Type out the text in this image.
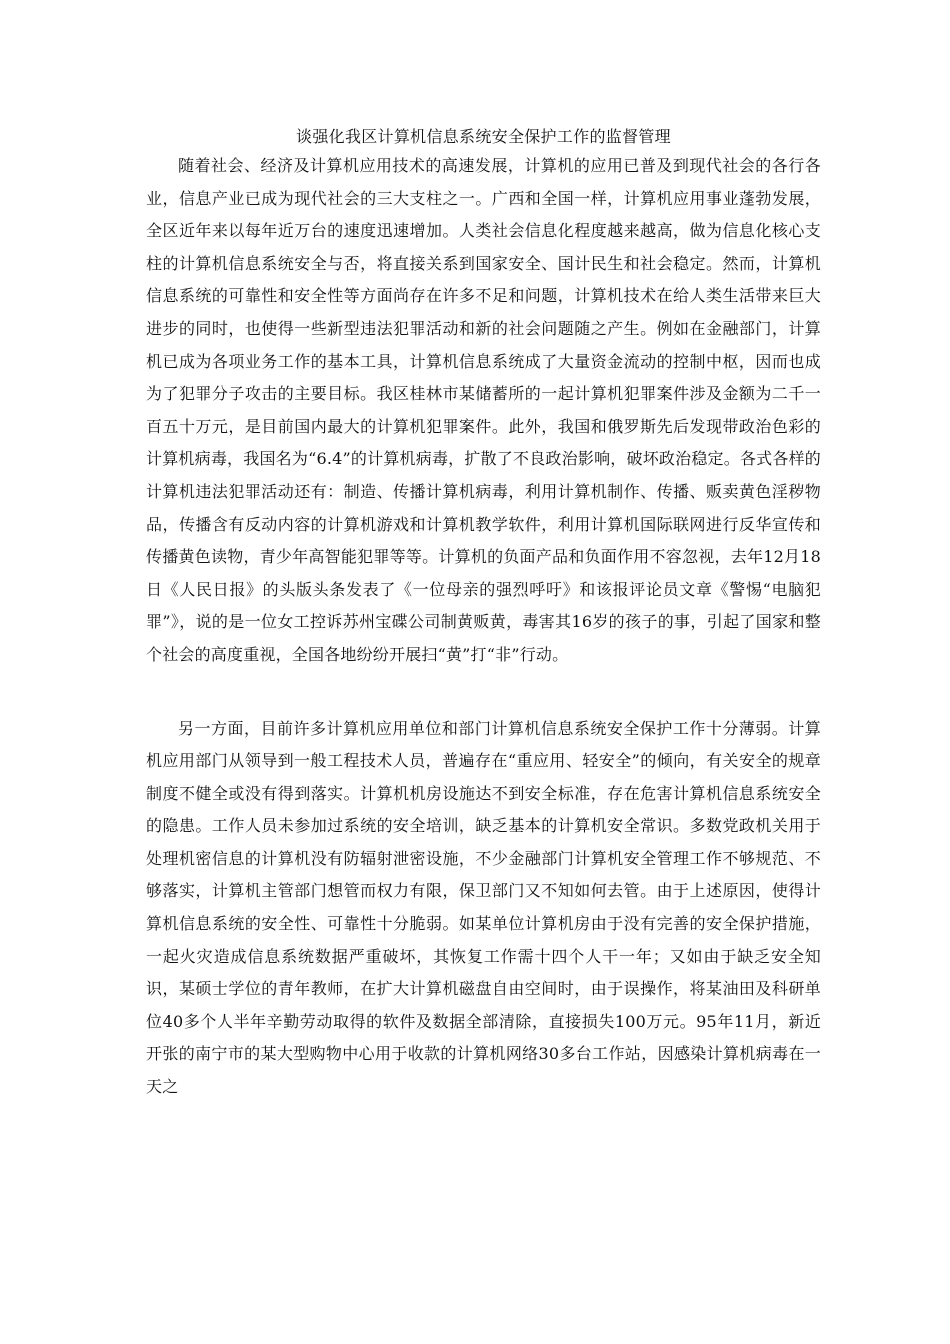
谈强化我区计算机信息系统安全保护工作的监督管理

随着社会、经济及计算机应用技术的高速发展，计算机的应用已普及到现代社会的各行各业，信息产业已成为现代社会的三大支柱之一。广西和全国一样，计算机应用事业蓬勃发展，全区近年来以每年近万台的速度迅速增加。人类社会信息化程度越来越高，做为信息化核心支柱的计算机信息系统安全与否，将直接关系到国家安全、国计民生和社会稳定。然而，计算机信息系统的可靠性和安全性等方面尚存在许多不足和问题，计算机技术在给人类生活带来巨大进步的同时，也使得一些新型违法犯罪活动和新的社会问题随之产生。例如在金融部门，计算机已成为各项业务工作的基本工具，计算机信息系统成了大量资金流动的控制中枢，因而也成为了犯罪分子攻击的主要目标。我区桂林市某储蓄所的一起计算机犯罪案件涉及金额为二千一百五十万元，是目前国内最大的计算机犯罪案件。此外，我国和俄罗斯先后发现带政治色彩的计算机病毒，我国名为“6.4”的计算机病毒，扩散了不良政治影响，破坏政治稳定。各式各样的计算机违法犯罪活动还有：制造、传播计算机病毒，利用计算机制作、传播、贩卖黄色淫秽物品，传播含有反动内容的计算机游戏和计算机教学软件，利用计算机国际联网进行反华宣传和传播黄色读物，青少年高智能犯罪等等。计算机的负面产品和负面作用不容忽视，去年12月18日《人民日报》的头版头条发表了《一位母亲的强烈呼吁》和该报评论员文章《警惕“电脑犯罪”》，说的是一位女工控诉苏州宝碟公司制黄贩黄，毒害其16岁的孩子的事，引起了国家和整个社会的高度重视，全国各地纷纷开展扫“黄”打“非”行动。

另一方面，目前许多计算机应用单位和部门计算机信息系统安全保护工作十分薄弱。计算机应用部门从领导到一般工程技术人员，普遍存在“重应用、轻安全”的倾向，有关安全的规章制度不健全或没有得到落实。计算机机房设施达不到安全标准，存在危害计算机信息系统安全的隐患。工作人员未参加过系统的安全培训，缺乏基本的计算机安全常识。多数党政机关用于处理机密信息的计算机没有防辐射泄密设施，不少金融部门计算机安全管理工作不够规范、不够落实，计算机主管部门想管而权力有限，保卫部门又不知如何去管。由于上述原因，使得计算机信息系统的安全性、可靠性十分脆弱。如某单位计算机房由于没有完善的安全保护措施，一起火灾造成信息系统数据严重破坏，其恢复工作需十四个人干一年；又如由于缺乏安全知识，某硕士学位的青年教师，在扩大计算机磁盘自由空间时，由于误操作，将某油田及科研单位40多个人半年辛勤劳动取得的软件及数据全部清除，直接损失100万元。95年11月，新近开张的南宁市的某大型购物中心用于收款的计算机网络30多台工作站，因感染计算机病毒在一天之
